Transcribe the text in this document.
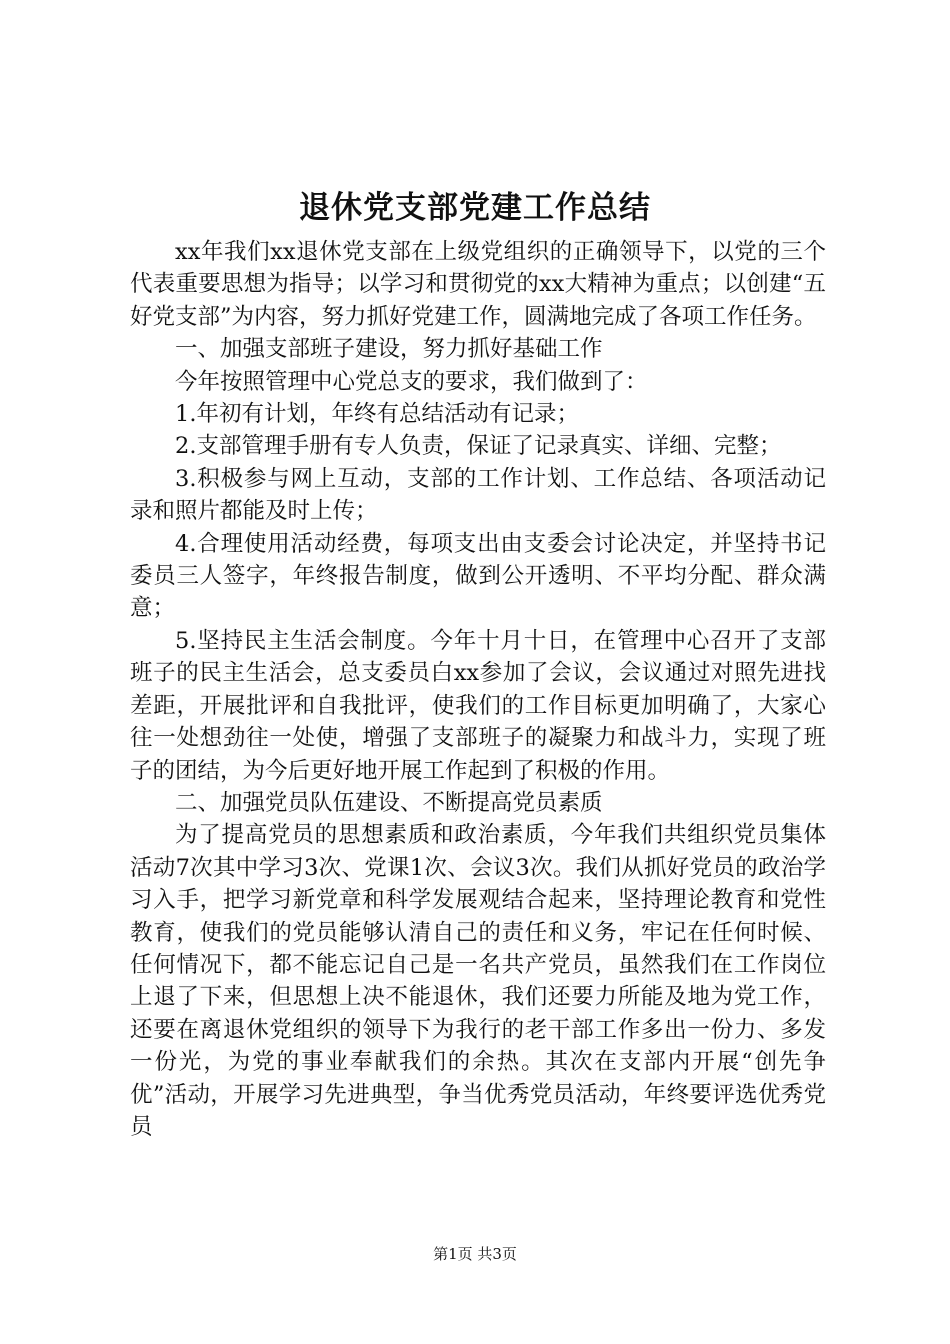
退休党支部党建工作总结

xx年我们xx退休党支部在上级党组织的正确领导下，以党的三个代表重要思想为指导；以学习和贯彻党的xx大精神为重点；以创建“五好党支部”为内容，努力抓好党建工作，圆满地完成了各项工作任务。

一、加强支部班子建设，努力抓好基础工作

今年按照管理中心党总支的要求，我们做到了：

1.年初有计划，年终有总结活动有记录；

2.支部管理手册有专人负责，保证了记录真实、详细、完整；

3.积极参与网上互动，支部的工作计划、工作总结、各项活动记录和照片都能及时上传；

4.合理使用活动经费，每项支出由支委会讨论决定，并坚持书记委员三人签字，年终报告制度，做到公开透明、不平均分配、群众满意；

5.坚持民主生活会制度。今年十月十日，在管理中心召开了支部班子的民主生活会，总支委员白xx参加了会议，会议通过对照先进找差距，开展批评和自我批评，使我们的工作目标更加明确了，大家心往一处想劲往一处使，增强了支部班子的凝聚力和战斗力，实现了班子的团结，为今后更好地开展工作起到了积极的作用。

二、加强党员队伍建设、不断提高党员素质

为了提高党员的思想素质和政治素质，今年我们共组织党员集体活动7次其中学习3次、党课1次、会议3次。我们从抓好党员的政治学习入手，把学习新党章和科学发展观结合起来，坚持理论教育和党性教育，使我们的党员能够认清自己的责任和义务，牢记在任何时候、任何情况下，都不能忘记自己是一名共产党员，虽然我们在工作岗位上退了下来，但思想上决不能退休，我们还要力所能及地为党工作，还要在离退休党组织的领导下为我行的老干部工作多出一份力、多发一份光，为党的事业奉献我们的余热。其次在支部内开展“创先争优”活动，开展学习先进典型，争当优秀党员活动，年终要评选优秀党员

第1页 共3页
